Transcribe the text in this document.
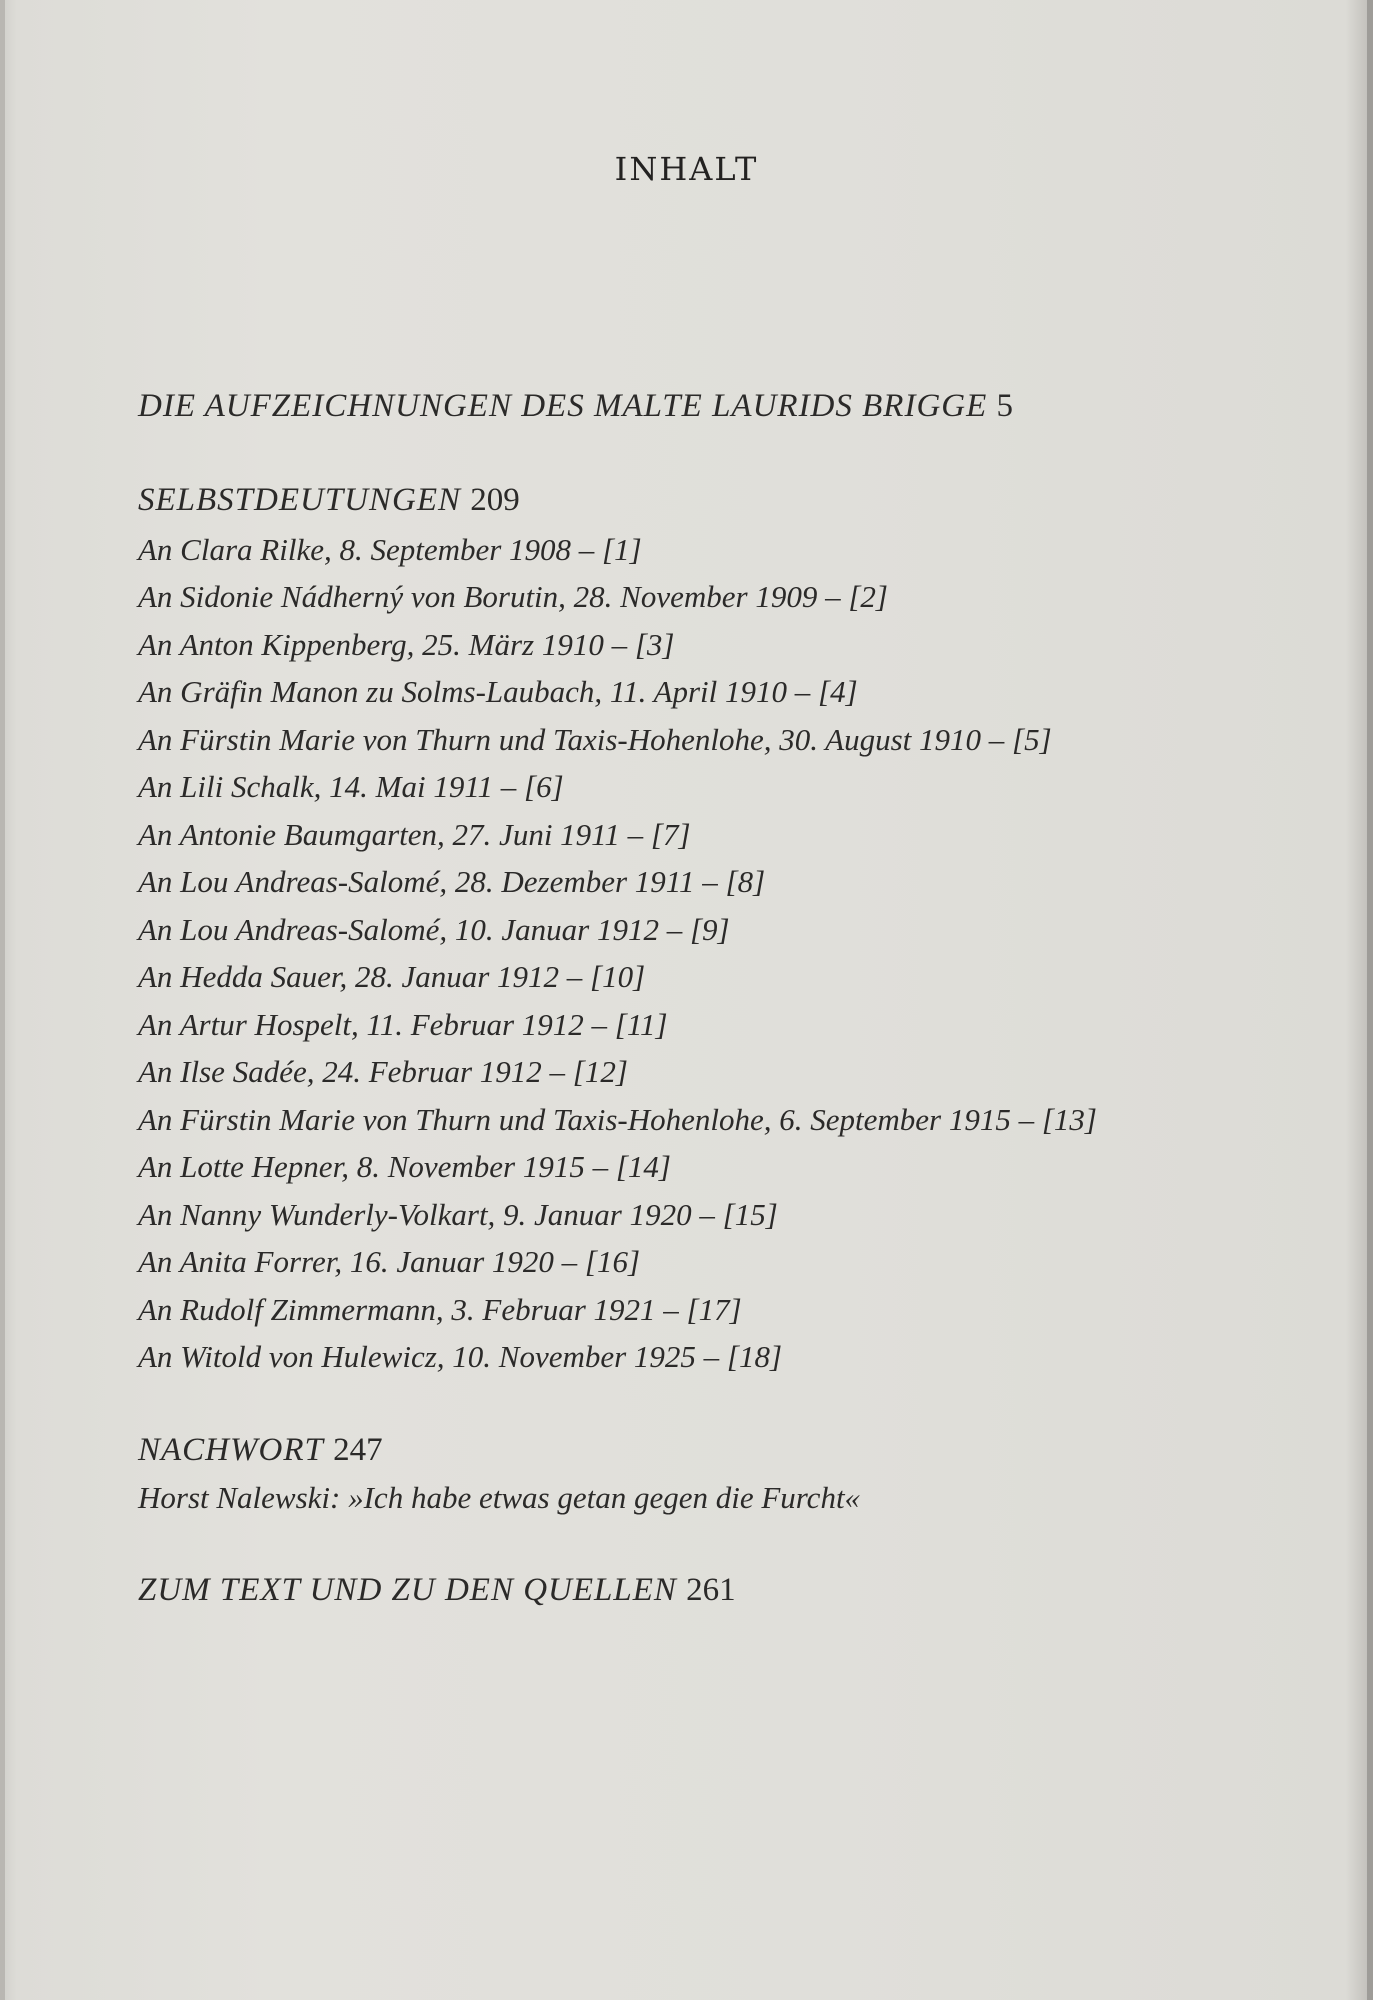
INHALT
DIE AUFZEICHNUNGEN DES MALTE LAURIDS BRIGGE 5
SELBSTDEUTUNGEN 209
An Clara Rilke, 8. September 1908 – [1]
An Sidonie Nádherný von Borutin, 28. November 1909 – [2]
An Anton Kippenberg, 25. März 1910 – [3]
An Gräfin Manon zu Solms-Laubach, 11. April 1910 – [4]
An Fürstin Marie von Thurn und Taxis-Hohenlohe, 30. August 1910 – [5]
An Lili Schalk, 14. Mai 1911 – [6]
An Antonie Baumgarten, 27. Juni 1911 – [7]
An Lou Andreas-Salomé, 28. Dezember 1911 – [8]
An Lou Andreas-Salomé, 10. Januar 1912 – [9]
An Hedda Sauer, 28. Januar 1912 – [10]
An Artur Hospelt, 11. Februar 1912 – [11]
An Ilse Sadée, 24. Februar 1912 – [12]
An Fürstin Marie von Thurn und Taxis-Hohenlohe, 6. September 1915 – [13]
An Lotte Hepner, 8. November 1915 – [14]
An Nanny Wunderly-Volkart, 9. Januar 1920 – [15]
An Anita Forrer, 16. Januar 1920 – [16]
An Rudolf Zimmermann, 3. Februar 1921 – [17]
An Witold von Hulewicz, 10. November 1925 – [18]
NACHWORT 247
Horst Nalewski: »Ich habe etwas getan gegen die Furcht«
ZUM TEXT UND ZU DEN QUELLEN 261
